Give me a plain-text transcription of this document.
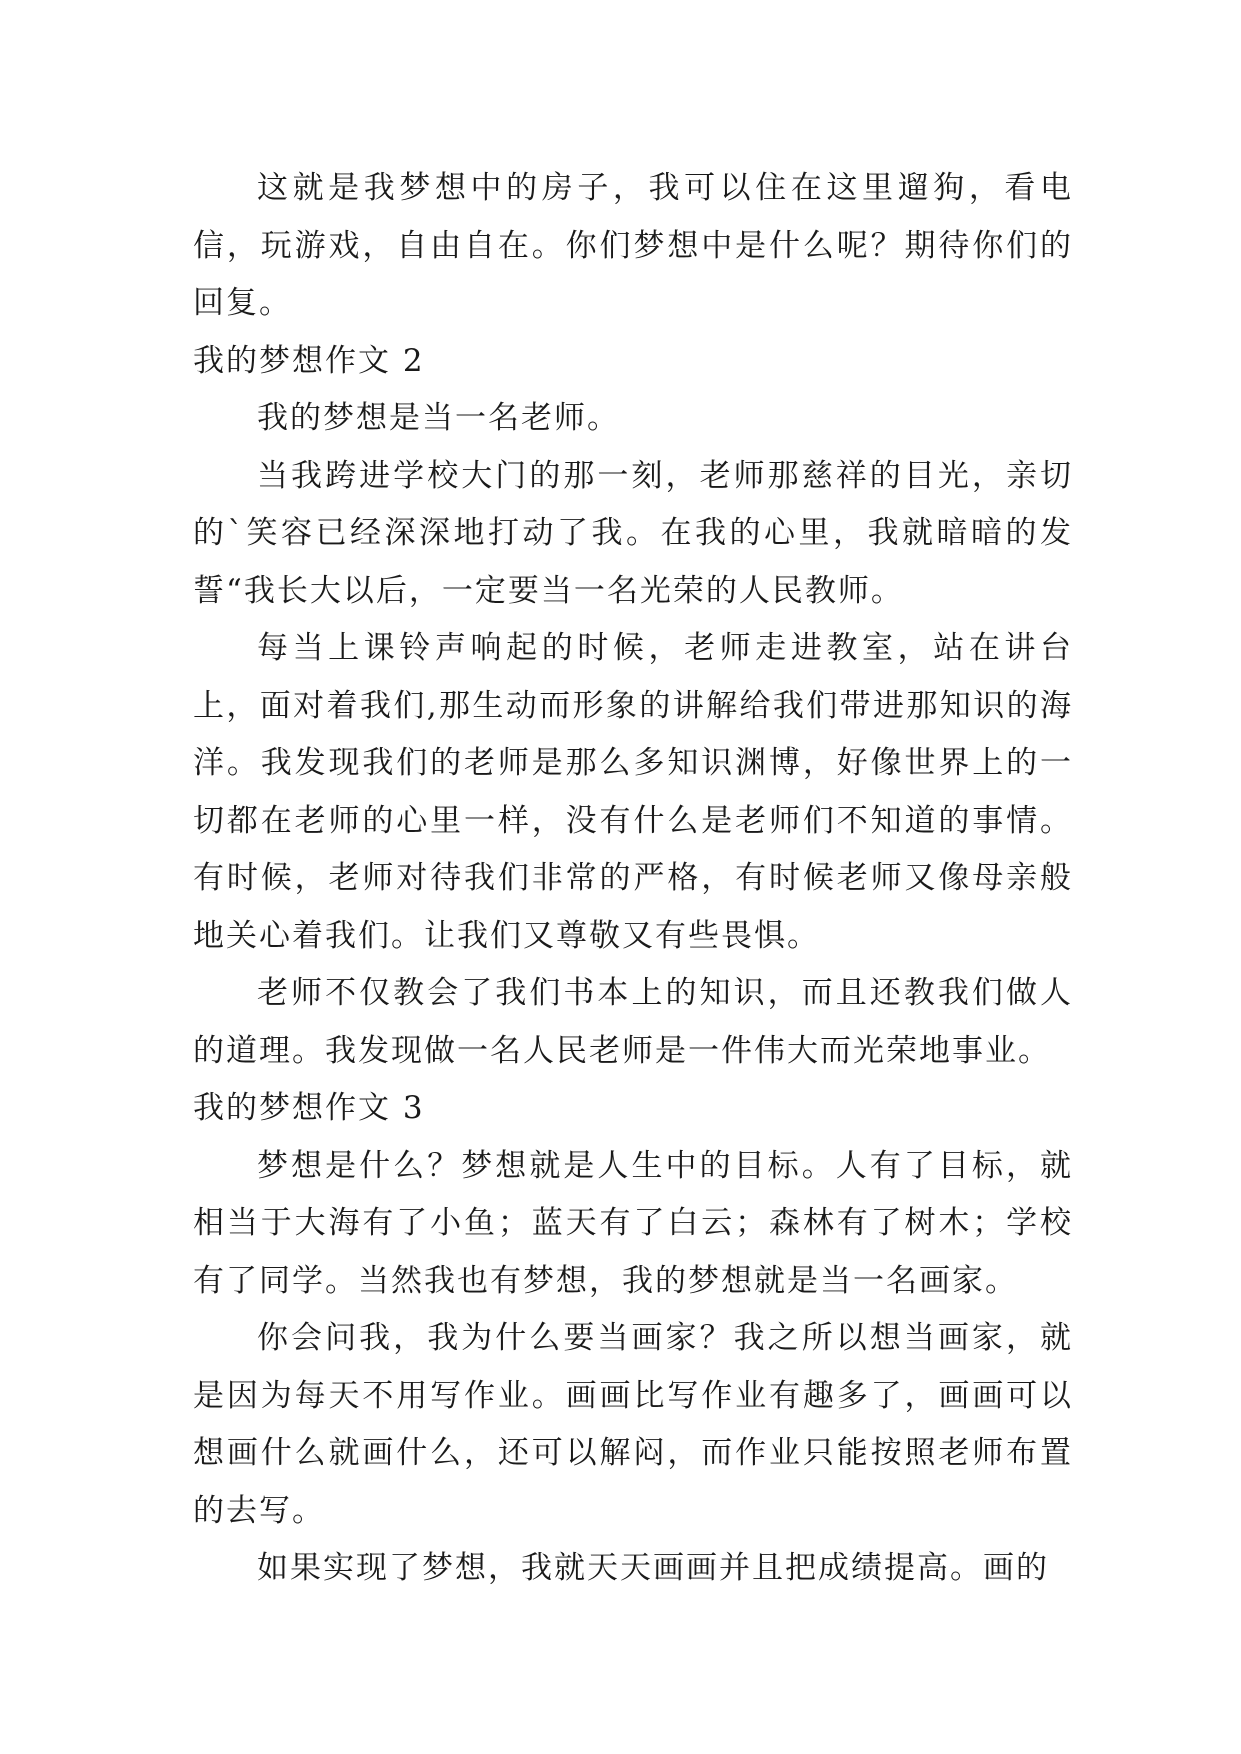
这就是我梦想中的房子，我可以住在这里遛狗，看电信，玩游戏，自由自在。你们梦想中是什么呢？期待你们的回复。

我的梦想作文 2

我的梦想是当一名老师。

当我跨进学校大门的那一刻，老师那慈祥的目光，亲切的`笑容已经深深地打动了我。在我的心里，我就暗暗的发誓“我长大以后，一定要当一名光荣的人民教师。

每当上课铃声响起的时候，老师走进教室，站在讲台上，面对着我们,那生动而形象的讲解给我们带进那知识的海洋。我发现我们的老师是那么多知识渊博，好像世界上的一切都在老师的心里一样，没有什么是老师们不知道的事情。有时候，老师对待我们非常的严格，有时候老师又像母亲般地关心着我们。让我们又尊敬又有些畏惧。

老师不仅教会了我们书本上的知识，而且还教我们做人的道理。我发现做一名人民老师是一件伟大而光荣地事业。

我的梦想作文 3

梦想是什么？梦想就是人生中的目标。人有了目标，就相当于大海有了小鱼；蓝天有了白云；森林有了树木；学校有了同学。当然我也有梦想，我的梦想就是当一名画家。

你会问我，我为什么要当画家？我之所以想当画家，就是因为每天不用写作业。画画比写作业有趣多了，画画可以想画什么就画什么，还可以解闷，而作业只能按照老师布置的去写。

如果实现了梦想，我就天天画画并且把成绩提高。画的
